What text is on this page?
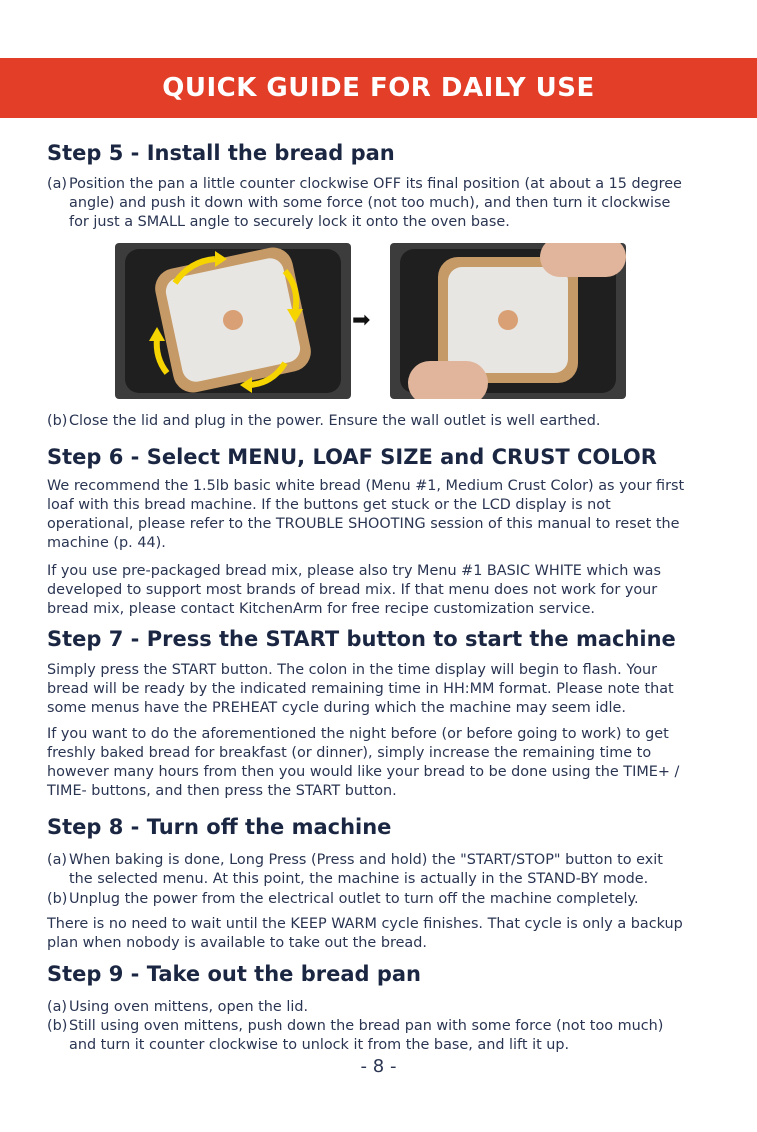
QUICK GUIDE FOR DAILY USE
Step 5 - Install the bread pan
(a) Position the pan a little counter clockwise OFF its final position (at about a 15 degree angle) and push it down with some force (not too much), and then turn it clockwise for just a SMALL angle to securely lock it onto the oven base.
➡
(b) Close the lid and plug in the power. Ensure the wall outlet is well earthed.
Step 6 - Select MENU, LOAF SIZE and CRUST COLOR

We recommend the 1.5lb basic white bread (Menu #1, Medium Crust Color) as your first loaf with this bread machine. If the buttons get stuck or the LCD display is not operational, please refer to the TROUBLE SHOOTING session of this manual to reset the machine (p. 44).

If you use pre-packaged bread mix, please also try Menu #1 BASIC WHITE which was developed to support most brands of bread mix. If that menu does not work for your bread mix, please contact KitchenArm for free recipe customization service.

Step 7 - Press the START button to start the machine

Simply press the START button. The colon in the time display will begin to flash. Your bread will be ready by the indicated remaining time in HH:MM format. Please note that some menus have the PREHEAT cycle during which the machine may seem idle.

If you want to do the aforementioned the night before (or before going to work) to get freshly baked bread for breakfast (or dinner), simply increase the remaining time to however many hours from then you would like your bread to be done using the TIME+ / TIME- buttons, and then press the START button.

Step 8 - Turn off the machine
(a) When baking is done, Long Press (Press and hold) the "START/STOP" button to exit the selected menu. At this point, the machine is actually in the STAND-BY mode.
(b) Unplug the power from the electrical outlet to turn off the machine completely.

There is no need to wait until the KEEP WARM cycle finishes. That cycle is only a backup plan when nobody is available to take out the bread.

Step 9 - Take out the bread pan
(a) Using oven mittens, open the lid.
(b) Still using oven mittens, push down the bread pan with some force (not too much) and turn it counter clockwise to unlock it from the base, and lift it up.
- 8 -
